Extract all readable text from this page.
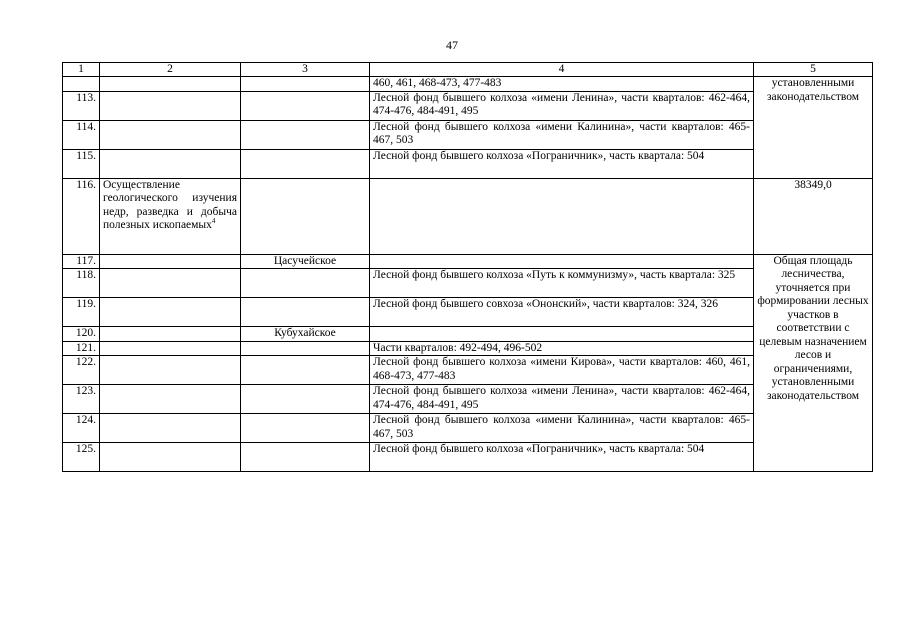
47
1	2	3	4	5
			460, 461, 468-473, 477-483	установленными законодательством
113.			Лесной фонд бывшего колхоза «имени Ленина», части кварталов: 462-464, 474-476, 484-491, 495	
114.			Лесной фонд бывшего колхоза «имени Калинина», части кварталов: 465-467, 503	
115.			Лесной фонд бывшего колхоза «Пограничник», часть квартала: 504	
116.	Осуществление геологического изучения недр, разведка и добыча полезных ископаемых$^4$			38349,0
117.		Цасучейское		Общая площадь лесничества, уточняется при формировании лесных участков в соответствии с целевым назначением лесов и ограничениями, установленными законодательством
118.			Лесной фонд бывшего колхоза «Путь к коммунизму», часть квартала: 325	
119.			Лесной фонд бывшего совхоза «Ононский», части кварталов: 324, 326	
120.		Кубухайское		
121.			Части кварталов: 492-494, 496-502	
122.			Лесной фонд бывшего колхоза «имени Кирова», части кварталов: 460, 461, 468-473, 477-483	
123.			Лесной фонд бывшего колхоза «имени Ленина», части кварталов: 462-464, 474-476, 484-491, 495	
124.			Лесной фонд бывшего колхоза «имени Калинина», части кварталов: 465-467, 503	
125.			Лесной фонд бывшего колхоза «Пограничник», часть квартала: 504	
